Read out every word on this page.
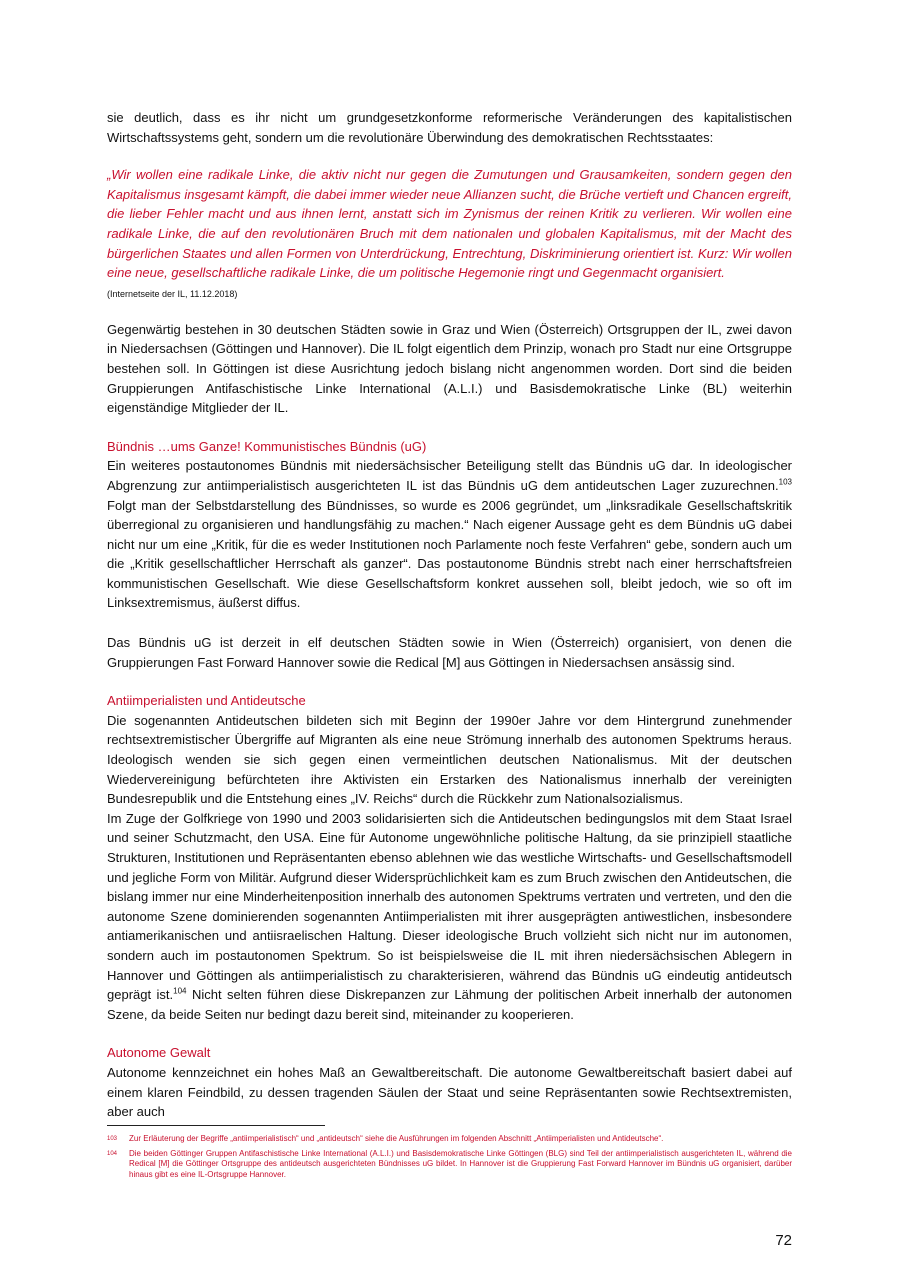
sie deutlich, dass es ihr nicht um grundgesetzkonforme reformerische Veränderungen des kapitalistischen Wirtschaftssystems geht, sondern um die revolutionäre Überwindung des demokratischen Rechtsstaates:

„Wir wollen eine radikale Linke, die aktiv nicht nur gegen die Zumutungen und Grausamkeiten, sondern gegen den Kapitalismus insgesamt kämpft, die dabei immer wieder neue Allianzen sucht, die Brüche vertieft und Chancen ergreift, die lieber Fehler macht und aus ihnen lernt, anstatt sich im Zynismus der reinen Kritik zu verlieren. Wir wollen eine radikale Linke, die auf den revolutionären Bruch mit dem nationalen und globalen Kapitalismus, mit der Macht des bürgerlichen Staates und allen Formen von Unterdrückung, Entrechtung, Diskriminierung orientiert ist. Kurz: Wir wollen eine neue, gesellschaftliche radikale Linke, die um politische Hegemonie ringt und Gegenmacht organisiert.

(Internetseite der IL, 11.12.2018)

Gegenwärtig bestehen in 30 deutschen Städten sowie in Graz und Wien (Österreich) Ortsgruppen der IL, zwei davon in Niedersachsen (Göttingen und Hannover). Die IL folgt eigentlich dem Prinzip, wonach pro Stadt nur eine Ortsgruppe bestehen soll. In Göttingen ist diese Ausrichtung jedoch bislang nicht angenommen worden. Dort sind die beiden Gruppierungen Antifaschistische Linke International (A.L.I.) und Basisdemokratische Linke (BL) weiterhin eigenständige Mitglieder der IL.

Bündnis …ums Ganze! Kommunistisches Bündnis (uG)

Ein weiteres postautonomes Bündnis mit niedersächsischer Beteiligung stellt das Bündnis uG dar. In ideologischer Abgrenzung zur antiimperialistisch ausgerichteten IL ist das Bündnis uG dem antideutschen Lager zuzurechnen.$^{103}$ Folgt man der Selbstdarstellung des Bündnisses, so wurde es 2006 gegründet, um „linksradikale Gesellschaftskritik überregional zu organisieren und handlungsfähig zu machen.“ Nach eigener Aussage geht es dem Bündnis uG dabei nicht nur um eine „Kritik, für die es weder Institutionen noch Parlamente noch feste Verfahren“ gebe, sondern auch um die „Kritik gesellschaftlicher Herrschaft als ganzer“. Das postautonome Bündnis strebt nach einer herrschaftsfreien kommunistischen Gesellschaft. Wie diese Gesellschaftsform konkret aussehen soll, bleibt jedoch, wie so oft im Linksextremismus, äußerst diffus.

Das Bündnis uG ist derzeit in elf deutschen Städten sowie in Wien (Österreich) organisiert, von denen die Gruppierungen Fast Forward Hannover sowie die Redical [M] aus Göttingen in Niedersachsen ansässig sind.

Antiimperialisten und Antideutsche

Die sogenannten Antideutschen bildeten sich mit Beginn der 1990er Jahre vor dem Hintergrund zunehmender rechtsextremistischer Übergriffe auf Migranten als eine neue Strömung innerhalb des autonomen Spektrums heraus. Ideologisch wenden sie sich gegen einen vermeintlichen deutschen Nationalismus. Mit der deutschen Wiedervereinigung befürchteten ihre Aktivisten ein Erstarken des Nationalismus innerhalb der vereinigten Bundesrepublik und die Entstehung eines „IV. Reichs“ durch die Rückkehr zum Nationalsozialismus.

Im Zuge der Golfkriege von 1990 und 2003 solidarisierten sich die Antideutschen bedingungslos mit dem Staat Israel und seiner Schutzmacht, den USA. Eine für Autonome ungewöhnliche politische Haltung, da sie prinzipiell staatliche Strukturen, Institutionen und Repräsentanten ebenso ablehnen wie das westliche Wirtschafts- und Gesellschaftsmodell und jegliche Form von Militär. Aufgrund dieser Widersprüchlichkeit kam es zum Bruch zwischen den Antideutschen, die bislang immer nur eine Minderheitenposition innerhalb des autonomen Spektrums vertraten und vertreten, und den die autonome Szene dominierenden sogenannten Antiimperialisten mit ihrer ausgeprägten antiwestlichen, insbesondere antiamerikanischen und antiisraelischen Haltung. Dieser ideologische Bruch vollzieht sich nicht nur im autonomen, sondern auch im postautonomen Spektrum. So ist beispielsweise die IL mit ihren niedersächsischen Ablegern in Hannover und Göttingen als antiimperialistisch zu charakterisieren, während das Bündnis uG eindeutig antideutsch geprägt ist.$^{104}$ Nicht selten führen diese Diskrepanzen zur Lähmung der politischen Arbeit innerhalb der autonomen Szene, da beide Seiten nur bedingt dazu bereit sind, miteinander zu kooperieren.

Autonome Gewalt

Autonome kennzeichnet ein hohes Maß an Gewaltbereitschaft. Die autonome Gewaltbereitschaft basiert dabei auf einem klaren Feindbild, zu dessen tragenden Säulen der Staat und seine Repräsentanten sowie Rechtsextremisten, aber auch

103	Zur Erläuterung der Begriffe „antiimperialistisch“ und „antideutsch“ siehe die Ausführungen im folgenden Abschnitt „Antiimperialisten und Antideutsche“.
104	Die beiden Göttinger Gruppen Antifaschistische Linke International (A.L.I.) und Basisdemokratische Linke Göttingen (BLG) sind Teil der antiimperialistisch ausgerichteten IL, während die Redical [M] die Göttinger Ortsgruppe des antideutsch ausgerichteten Bündnisses uG bildet. In Hannover ist die Gruppierung Fast Forward Hannover im Bündnis uG organisiert, darüber hinaus gibt es eine IL-Ortsgruppe Hannover.
72
